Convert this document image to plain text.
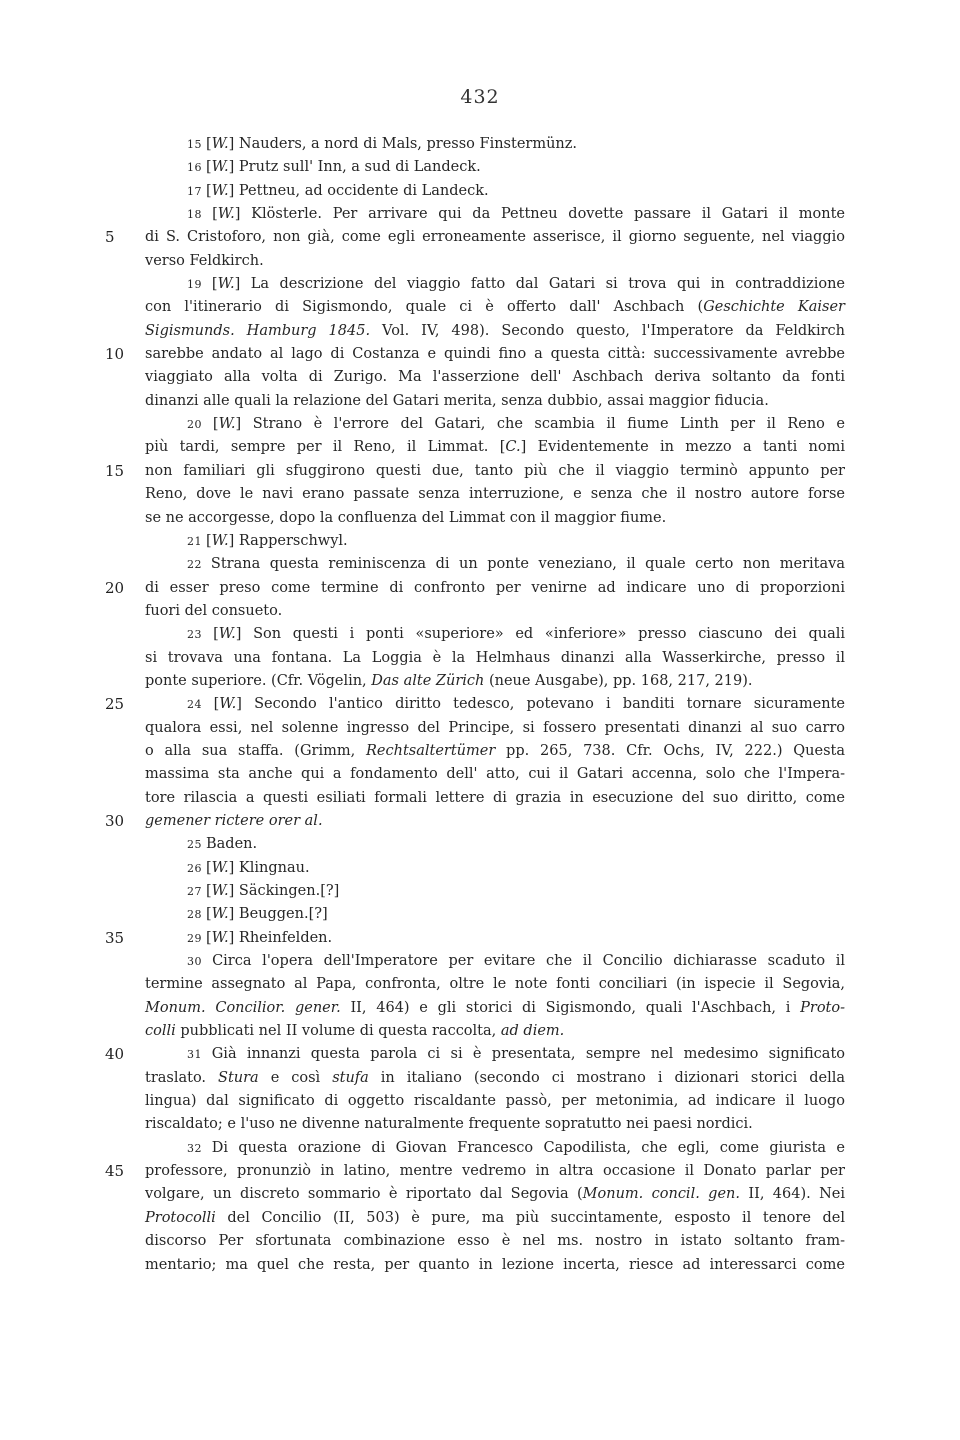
432
15 [W.] Nauders, a nord di Mals, presso Finstermünz.
16 [W.] Prutz sull' Inn, a sud di Landeck.
17 [W.] Pettneu, ad occidente di Landeck.
18 [W.] Klösterle. Per arrivare qui da Pettneu dovette passare il Gatari il monte
5	di S. Cristoforo, non già, come egli erroneamente asserisce, il giorno seguente, nel viaggio
verso Feldkirch.
19 [W.] La descrizione del viaggio fatto dal Gatari si trova qui in contraddizione
con l'itinerario di Sigismondo, quale ci è offerto dall' Aschbach (Geschichte Kaiser
Sigismunds. Hamburg 1845. Vol. IV, 498). Secondo questo, l'Imperatore da Feldkirch
10	sarebbe andato al lago di Costanza e quindi fino a questa città: successivamente avrebbe
viaggiato alla volta di Zurigo. Ma l'asserzione dell' Aschbach deriva soltanto da fonti
dinanzi alle quali la relazione del Gatari merita, senza dubbio, assai maggior fiducia.
20 [W.] Strano è l'errore del Gatari, che scambia il fiume Linth per il Reno e
più tardi, sempre per il Reno, il Limmat. [C.] Evidentemente in mezzo a tanti nomi
15	non familiari gli sfuggirono questi due, tanto più che il viaggio terminò appunto per
Reno, dove le navi erano passate senza interruzione, e senza che il nostro autore forse
se ne accorgesse, dopo la confluenza del Limmat con il maggior fiume.
21 [W.] Rapperschwyl.
22 Strana questa reminiscenza di un ponte veneziano, il quale certo non meritava
20	di esser preso come termine di confronto per venirne ad indicare uno di proporzioni
fuori del consueto.
23 [W.] Son questi i ponti «superiore» ed «inferiore» presso ciascuno dei quali
si trovava una fontana. La Loggia è la Helmhaus dinanzi alla Wasserkirche, presso il
ponte superiore. (Cfr. Vögelin, Das alte Zürich (neue Ausgabe), pp. 168, 217, 219).
25	24 [W.] Secondo l'antico diritto tedesco, potevano i banditi tornare sicuramente
qualora essi, nel solenne ingresso del Principe, si fossero presentati dinanzi al suo carro
o alla sua staffa. (Grimm, Rechtsaltertümer pp. 265, 738. Cfr. Ochs, IV, 222.) Questa
massima sta anche qui a fondamento dell' atto, cui il Gatari accenna, solo che l'Impera-
tore rilascia a questi esiliati formali lettere di grazia in esecuzione del suo diritto, come
30	gemener rictere orer al.
25 Baden.
26 [W.] Klingnau.
27 [W.] Säckingen.[?]
28 [W.] Beuggen.[?]
35	29 [W.] Rheinfelden.
30 Circa l'opera dell'Imperatore per evitare che il Concilio dichiarasse scaduto il
termine assegnato al Papa, confronta, oltre le note fonti conciliari (in ispecie il Segovia,
Monum. Concilior. gener. II, 464) e gli storici di Sigismondo, quali l'Aschbach, i Proto-
colli pubblicati nel II volume di questa raccolta, ad diem.
40	31 Già innanzi questa parola ci si è presentata, sempre nel medesimo significato
traslato. Stura e così stufa in italiano (secondo ci mostrano i dizionari storici della
lingua) dal significato di oggetto riscaldante passò, per metonimia, ad indicare il luogo
riscaldato; e l'uso ne divenne naturalmente frequente sopratutto nei paesi nordici.
32 Di questa orazione di Giovan Francesco Capodilista, che egli, come giurista e
45	professore, pronunziò in latino, mentre vedremo in altra occasione il Donato parlar per
volgare, un discreto sommario è riportato dal Segovia (Monum. concil. gen. II, 464). Nei
Protocolli del Concilio (II, 503) è pure, ma più succintamente, esposto il tenore del
discorso Per sfortunata combinazione esso è nel ms. nostro in istato soltanto fram-
mentario; ma quel che resta, per quanto in lezione incerta, riesce ad interessarci come
